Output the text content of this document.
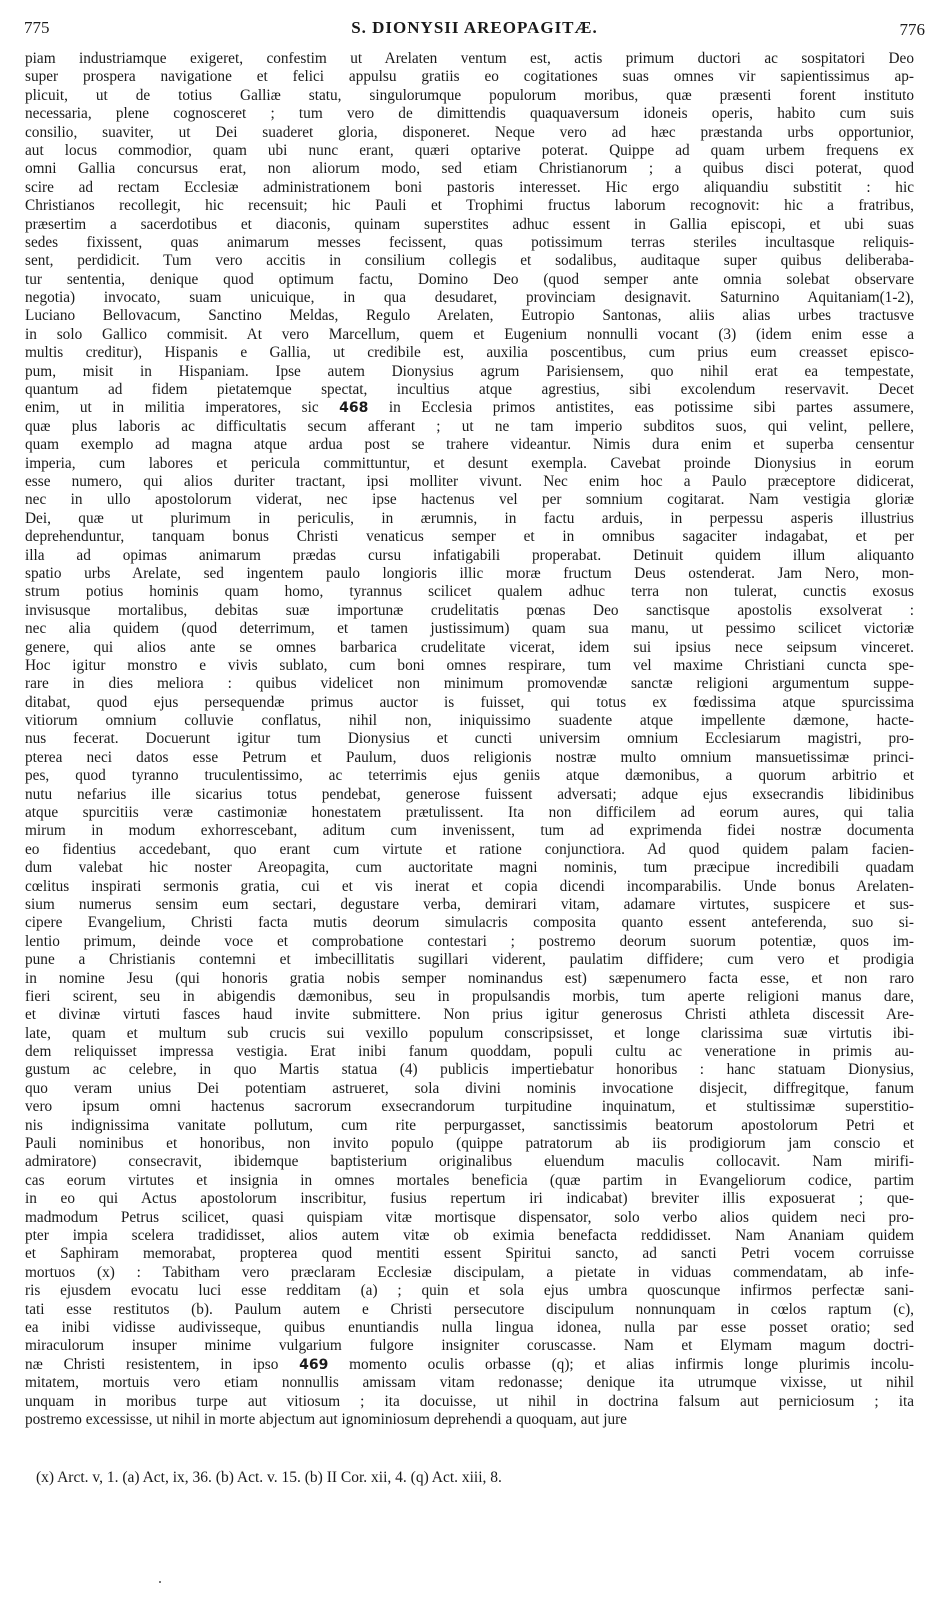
775	S. DIONYSII AREOPAGITÆ.	776
piam industriamque exigeret, confestim ut Arelaten ventum est, actis primum ductori ac sospitatori Deo
super prospera navigatione et felici appulsu gratiis eo cogitationes suas omnes vir sapientissimus ap-
plicuit, ut de totius Galliæ statu, singulorumque populorum moribus, quæ præsenti forent instituto
necessaria, plene cognosceret ; tum vero de dimittendis quaquaversum idoneis operis, habito cum suis
consilio, suaviter, ut Dei suaderet gloria, disponeret. Neque vero ad hæc præstanda urbs opportunior,
aut locus commodior, quam ubi nunc erant, quæri optarive poterat. Quippe ad quam urbem frequens ex
omni Gallia concursus erat, non aliorum modo, sed etiam Christianorum ; a quibus disci poterat, quod
scire ad rectam Ecclesiæ administrationem boni pastoris interesset. Hic ergo aliquandiu substitit : hic
Christianos recollegit, hic recensuit; hic Pauli et Trophimi fructus laborum recognovit: hic a fratribus,
præsertim a sacerdotibus et diaconis, quinam superstites adhuc essent in Gallia episcopi, et ubi suas
sedes fixissent, quas animarum messes fecissent, quas potissimum terras steriles incultasque reliquis-
sent, perdidicit. Tum vero accitis in consilium collegis et sodalibus, auditaque super quibus deliberaba-
tur sententia, denique quod optimum factu, Domino Deo (quod semper ante omnia solebat observare
negotia) invocato, suam unicuique, in qua desudaret, provinciam designavit. Saturnino Aquitaniam(1-2),
Luciano Bellovacum, Sanctino Meldas, Regulo Arelaten, Eutropio Santonas, aliis alias urbes tractusve
in solo Gallico commisit. At vero Marcellum, quem et Eugenium nonnulli vocant (3) (idem enim esse a
multis creditur), Hispanis e Gallia, ut credibile est, auxilia poscentibus, cum prius eum creasset episco-
pum, misit in Hispaniam. Ipse autem Dionysius agrum Parisiensem, quo nihil erat ea tempestate,
quantum ad fidem pietatemque spectat, incultius atque agrestius, sibi excolendum reservavit. Decet
enim, ut in militia imperatores, sic 468 in Ecclesia primos antistites, eas potissime sibi partes assumere,
quæ plus laboris ac difficultatis secum afferant ; ut ne tam imperio subditos suos, qui velint, pellere,
quam exemplo ad magna atque ardua post se trahere videantur. Nimis dura enim et superba censentur
imperia, cum labores et pericula committuntur, et desunt exempla. Cavebat proinde Dionysius in eorum
esse numero, qui alios duriter tractant, ipsi molliter vivunt. Nec enim hoc a Paulo præceptore didicerat,
nec in ullo apostolorum viderat, nec ipse hactenus vel per somnium cogitarat. Nam vestigia gloriæ
Dei, quæ ut plurimum in periculis, in ærumnis, in factu arduis, in perpessu asperis illustrius
deprehenduntur, tanquam bonus Christi venaticus semper et in omnibus sagaciter indagabat, et per
illa ad opimas animarum prædas cursu infatigabili properabat. Detinuit quidem illum aliquanto
spatio urbs Arelate, sed ingentem paulo longioris illic moræ fructum Deus ostenderat. Jam Nero, mon-
strum potius hominis quam homo, tyrannus scilicet qualem adhuc terra non tulerat, cunctis exosus
invisusque mortalibus, debitas suæ importunæ crudelitatis pœnas Deo sanctisque apostolis exsolverat :
nec alia quidem (quod deterrimum, et tamen justissimum) quam sua manu, ut pessimo scilicet victoriæ
genere, qui alios ante se omnes barbarica crudelitate vicerat, idem sui ipsius nece seipsum vinceret.
Hoc igitur monstro e vivis sublato, cum boni omnes respirare, tum vel maxime Christiani cuncta spe-
rare in dies meliora : quibus videlicet non minimum promovendæ sanctæ religioni argumentum suppe-
ditabat, quod ejus persequendæ primus auctor is fuisset, qui totus ex fœdissima atque spurcissima
vitiorum omnium colluvie conflatus, nihil non, iniquissimo suadente atque impellente dæmone, hacte-
nus fecerat. Docuerunt igitur tum Dionysius et cuncti universim omnium Ecclesiarum magistri, pro-
pterea neci datos esse Petrum et Paulum, duos religionis nostræ multo omnium mansuetissimæ princi-
pes, quod tyranno truculentissimo, ac teterrimis ejus geniis atque dæmonibus, a quorum arbitrio et
nutu nefarius ille sicarius totus pendebat, generose fuissent adversati; adque ejus exsecrandis libidinibus
atque spurcitiis veræ castimoniæ honestatem prætulissent. Ita non difficilem ad eorum aures, qui talia
mirum in modum exhorrescebant, aditum cum invenissent, tum ad exprimenda fidei nostræ documenta
eo fidentius accedebant, quo erant cum virtute et ratione conjunctiora. Ad quod quidem palam facien-
dum valebat hic noster Areopagita, cum auctoritate magni nominis, tum præcipue incredibili quadam
cœlitus inspirati sermonis gratia, cui et vis inerat et copia dicendi incomparabilis. Unde bonus Arelaten-
sium numerus sensim eum sectari, degustare verba, demirari vitam, adamare virtutes, suspicere et sus-
cipere Evangelium, Christi facta mutis deorum simulacris composita quanto essent anteferenda, suo si-
lentio primum, deinde voce et comprobatione contestari ; postremo deorum suorum potentiæ, quos im-
pune a Christianis contemni et imbecillitatis sugillari viderent, paulatim diffidere; cum vero et prodigia
in nomine Jesu (qui honoris gratia nobis semper nominandus est) sæpenumero facta esse, et non raro
fieri scirent, seu in abigendis dæmonibus, seu in propulsandis morbis, tum aperte religioni manus dare,
et divinæ virtuti fasces haud invite submittere. Non prius igitur generosus Christi athleta discessit Are-
late, quam et multum sub crucis sui vexillo populum conscripsisset, et longe clarissima suæ virtutis ibi-
dem reliquisset impressa vestigia. Erat inibi fanum quoddam, populi cultu ac veneratione in primis au-
gustum ac celebre, in quo Martis statua (4) publicis impertiebatur honoribus : hanc statuam Dionysius,
quo veram unius Dei potentiam astrueret, sola divini nominis invocatione disjecit, diffregitque, fanum
vero ipsum omni hactenus sacrorum exsecrandorum turpitudine inquinatum, et stultissimæ superstitio-
nis indignissima vanitate pollutum, cum rite perpurgasset, sanctissimis beatorum apostolorum Petri et
Pauli nominibus et honoribus, non invito populo (quippe patratorum ab iis prodigiorum jam conscio et
admiratore) consecravit, ibidemque baptisterium originalibus eluendum maculis collocavit. Nam mirifi-
cas eorum virtutes et insignia in omnes mortales beneficia (quæ partim in Evangeliorum codice, partim
in eo qui Actus apostolorum inscribitur, fusius repertum iri indicabat) breviter illis exposuerat ; que-
madmodum Petrus scilicet, quasi quispiam vitæ mortisque dispensator, solo verbo alios quidem neci pro-
pter impia scelera tradidisset, alios autem vitæ ob eximia benefacta reddidisset. Nam Ananiam quidem
et Saphiram memorabat, propterea quod mentiti essent Spiritui sancto, ad sancti Petri vocem corruisse
mortuos (x) : Tabitham vero præclaram Ecclesiæ discipulam, a pietate in viduas commendatam, ab infe-
ris ejusdem evocatu luci esse redditam (a) ; quin et sola ejus umbra quoscunque infirmos perfectæ sani-
tati esse restitutos (b). Paulum autem e Christi persecutore discipulum nonnunquam in cœlos raptum (c),
ea inibi vidisse audivisseque, quibus enuntiandis nulla lingua idonea, nulla par esse posset oratio; sed
miraculorum insuper minime vulgarium fulgore insigniter coruscasse. Nam et Elymam magum doctri-
næ Christi resistentem, in ipso 469 momento oculis orbasse (q); et alias infirmis longe plurimis incolu-
mitatem, mortuis vero etiam nonnullis amissam vitam redonasse; denique ita utrumque vixisse, ut nihil
unquam in moribus turpe aut vitiosum ; ita docuisse, ut nihil in doctrina falsum aut perniciosum ; ita
postremo excessisse, ut nihil in morte abjectum aut ignominiosum deprehendi a quoquam, aut jure
(x) Arct. v, 1. (a) Act, ix, 36. (b) Act. v. 15. (b) II Cor. xii, 4. (q) Act. xiii, 8.
